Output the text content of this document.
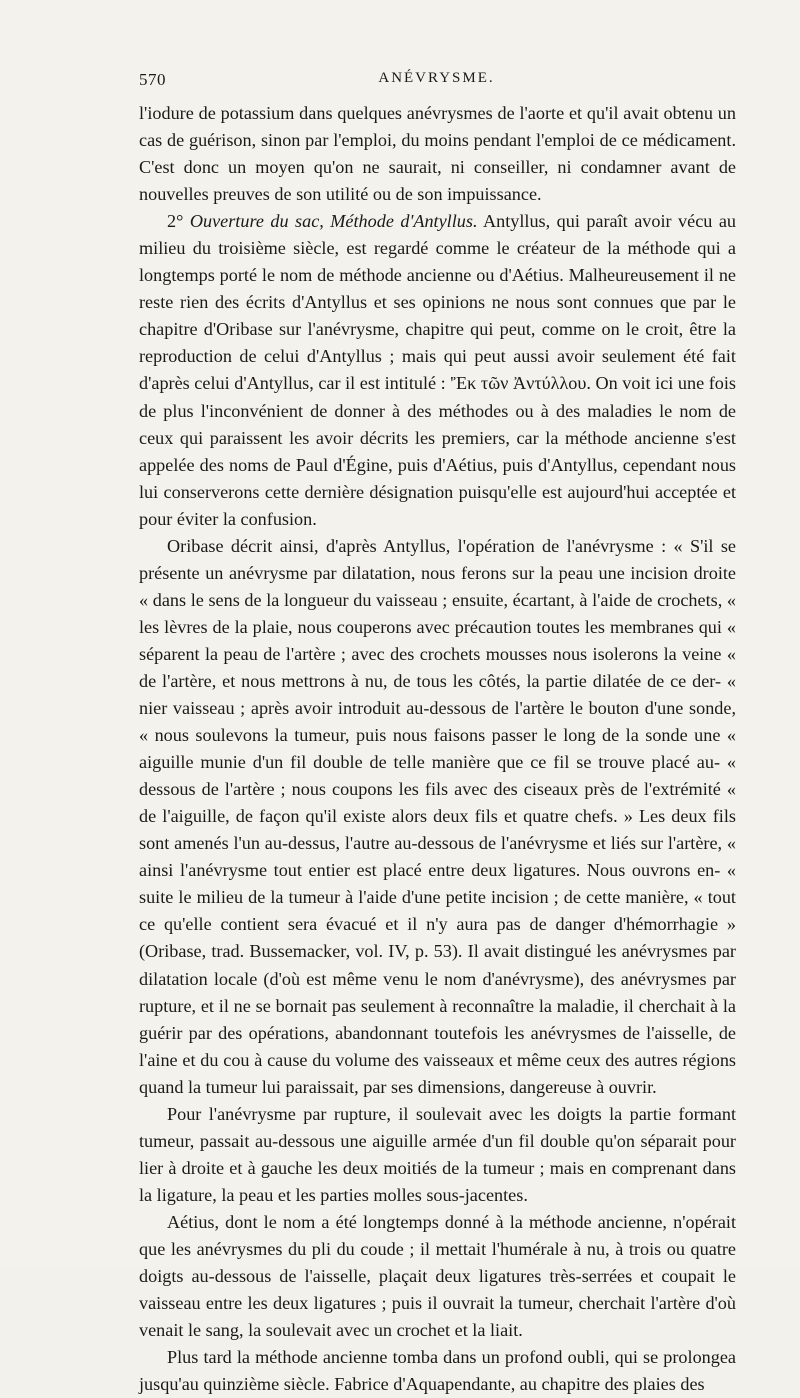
570	ANÉVRYSME.

l'iodure de potassium dans quelques anévrysmes de l'aorte et qu'il avait obtenu un cas de guérison, sinon par l'emploi, du moins pendant l'emploi de ce médicament. C'est donc un moyen qu'on ne saurait, ni conseiller, ni condamner avant de nouvelles preuves de son utilité ou de son impuissance.

2° Ouverture du sac, Méthode d'Antyllus. Antyllus, qui paraît avoir vécu au milieu du troisième siècle, est regardé comme le créateur de la méthode qui a longtemps porté le nom de méthode ancienne ou d'Aétius. Malheureusement il ne reste rien des écrits d'Antyllus et ses opinions ne nous sont connues que par le chapitre d'Oribase sur l'anévrysme, chapitre qui peut, comme on le croit, être la reproduction de celui d'Antyllus ; mais qui peut aussi avoir seulement été fait d'après celui d'Antyllus, car il est intitulé : 'Ἐκ τῶν Ἀντύλλου. On voit ici une fois de plus l'inconvénient de donner à des méthodes ou à des maladies le nom de ceux qui paraissent les avoir décrits les premiers, car la méthode ancienne s'est appelée des noms de Paul d'Égine, puis d'Aétius, puis d'Antyllus, cependant nous lui conserverons cette dernière désignation puisqu'elle est aujourd'hui acceptée et pour éviter la confusion.

Oribase décrit ainsi, d'après Antyllus, l'opération de l'anévrysme : « S'il se présente un anévrysme par dilatation, nous ferons sur la peau une incision droite « dans le sens de la longueur du vaisseau ; ensuite, écartant, à l'aide de crochets, « les lèvres de la plaie, nous couperons avec précaution toutes les membranes qui « séparent la peau de l'artère ; avec des crochets mousses nous isolerons la veine « de l'artère, et nous mettrons à nu, de tous les côtés, la partie dilatée de ce der- « nier vaisseau ; après avoir introduit au-dessous de l'artère le bouton d'une sonde, « nous soulevons la tumeur, puis nous faisons passer le long de la sonde une « aiguille munie d'un fil double de telle manière que ce fil se trouve placé au- « dessous de l'artère ; nous coupons les fils avec des ciseaux près de l'extrémité « de l'aiguille, de façon qu'il existe alors deux fils et quatre chefs. » Les deux fils sont amenés l'un au-dessus, l'autre au-dessous de l'anévrysme et liés sur l'artère, « ainsi l'anévrysme tout entier est placé entre deux ligatures. Nous ouvrons en- « suite le milieu de la tumeur à l'aide d'une petite incision ; de cette manière, « tout ce qu'elle contient sera évacué et il n'y aura pas de danger d'hémorrhagie » (Oribase, trad. Bussemacker, vol. IV, p. 53). Il avait distingué les anévrysmes par dilatation locale (d'où est même venu le nom d'anévrysme), des anévrysmes par rupture, et il ne se bornait pas seulement à reconnaître la maladie, il cherchait à la guérir par des opérations, abandonnant toutefois les anévrysmes de l'aisselle, de l'aine et du cou à cause du volume des vaisseaux et même ceux des autres régions quand la tumeur lui paraissait, par ses dimensions, dangereuse à ouvrir.

Pour l'anévrysme par rupture, il soulevait avec les doigts la partie formant tumeur, passait au-dessous une aiguille armée d'un fil double qu'on séparait pour lier à droite et à gauche les deux moitiés de la tumeur ; mais en comprenant dans la ligature, la peau et les parties molles sous-jacentes.

Aétius, dont le nom a été longtemps donné à la méthode ancienne, n'opérait que les anévrysmes du pli du coude ; il mettait l'humérale à nu, à trois ou quatre doigts au-dessous de l'aisselle, plaçait deux ligatures très-serrées et coupait le vaisseau entre les deux ligatures ; puis il ouvrait la tumeur, cherchait l'artère d'où venait le sang, la soulevait avec un crochet et la liait.

Plus tard la méthode ancienne tomba dans un profond oubli, qui se prolongea jusqu'au quinzième siècle. Fabrice d'Aquapendante, au chapitre des plaies des
